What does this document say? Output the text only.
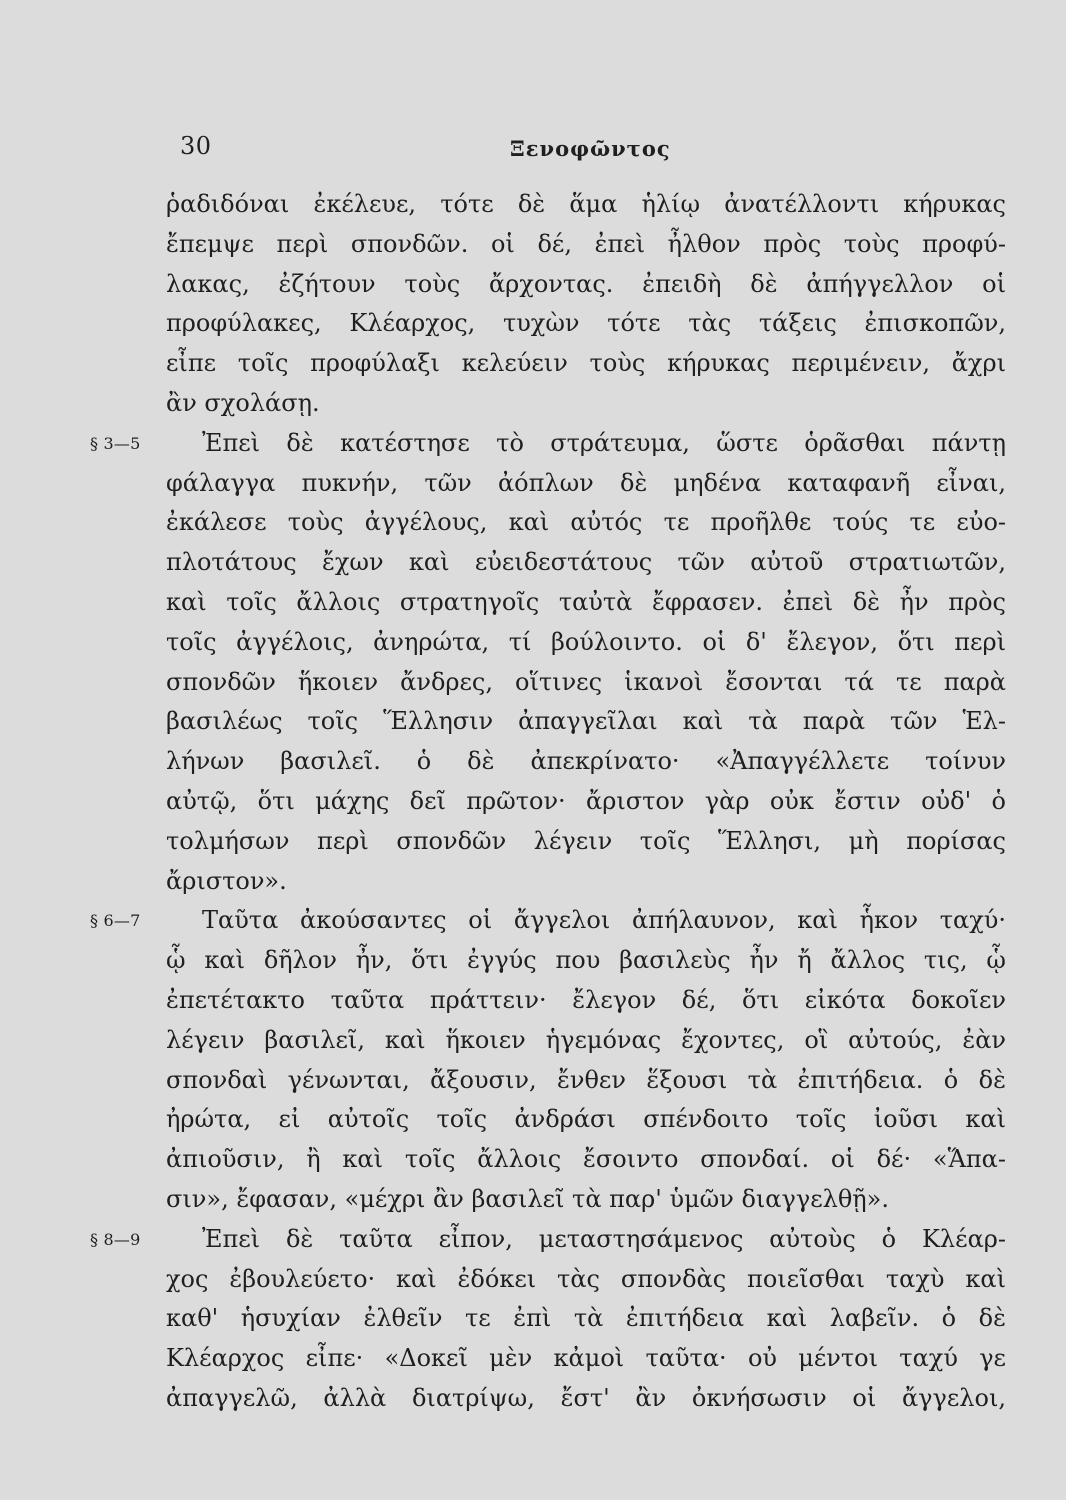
30	Ξενοφῶντος
ῥαδιδόναι ἐκέλευε, τότε δὲ ἅμα ἡλίῳ ἀνατέλλοντι κήρυκας
ἔπεμψε περὶ σπονδῶν. οἱ δέ, ἐπεὶ ἦλθον πρὸς τοὺς προφύ-
λακας, ἐζήτουν τοὺς ἄρχοντας. ἐπειδὴ δὲ ἀπήγγελλον οἱ
προφύλακες, Κλέαρχος, τυχὼν τότε τὰς τάξεις ἐπισκοπῶν,
εἶπε τοῖς προφύλαξι κελεύειν τοὺς κήρυκας περιμένειν, ἄχρι
ἂν σχολάσῃ.
§ 3—5	Ἐπεὶ δὲ κατέστησε τὸ στράτευμα, ὥστε ὁρᾶσθαι πάντῃ
φάλαγγα πυκνήν, τῶν ἀόπλων δὲ μηδένα καταφανῆ εἶναι,
ἐκάλεσε τοὺς ἀγγέλους, καὶ αὐτός τε προῆλθε τούς τε εὐο-
πλοτάτους ἔχων καὶ εὐειδεστάτους τῶν αὐτοῦ στρατιωτῶν,
καὶ τοῖς ἄλλοις στρατηγοῖς ταὐτὰ ἔφρασεν. ἐπεὶ δὲ ἦν πρὸς
τοῖς ἀγγέλοις, ἀνηρώτα, τί βούλοιντο. οἱ δ' ἔλεγον, ὅτι περὶ
σπονδῶν ἥκοιεν ἄνδρες, οἵτινες ἱκανοὶ ἔσονται τά τε παρὰ
βασιλέως τοῖς Ἕλλησιν ἀπαγγεῖλαι καὶ τὰ παρὰ τῶν Ἑλ-
λήνων βασιλεῖ. ὁ δὲ ἀπεκρίνατο· «Ἀπαγγέλλετε τοίνυν
αὐτῷ, ὅτι μάχης δεῖ πρῶτον· ἄριστον γὰρ οὐκ ἔστιν οὐδ' ὁ
τολμήσων περὶ σπονδῶν λέγειν τοῖς Ἕλλησι, μὴ πορίσας
ἄριστον».
§ 6—7	Ταῦτα ἀκούσαντες οἱ ἄγγελοι ἀπήλαυνον, καὶ ἧκον ταχύ·
ᾧ καὶ δῆλον ἦν, ὅτι ἐγγύς που βασιλεὺς ἦν ἤ ἄλλος τις, ᾧ
ἐπετέτακτο ταῦτα πράττειν· ἔλεγον δέ, ὅτι εἰκότα δοκοῖεν
λέγειν βασιλεῖ, καὶ ἥκοιεν ἡγεμόνας ἔχοντες, οἳ αὐτούς, ἐὰν
σπονδαὶ γένωνται, ἄξουσιν, ἔνθεν ἕξουσι τὰ ἐπιτήδεια. ὁ δὲ
ἠρώτα, εἰ αὐτοῖς τοῖς ἀνδράσι σπένδοιτο τοῖς ἰοῦσι καὶ
ἀπιοῦσιν, ἢ καὶ τοῖς ἄλλοις ἔσοιντο σπονδαί. οἱ δέ· «Ἅπα-
σιν», ἔφασαν, «μέχρι ἂν βασιλεῖ τὰ παρ' ὑμῶν διαγγελθῇ».
§ 8—9	Ἐπεὶ δὲ ταῦτα εἶπον, μεταστησάμενος αὐτοὺς ὁ Κλέαρ-
χος ἐβουλεύετο· καὶ ἐδόκει τὰς σπονδὰς ποιεῖσθαι ταχὺ καὶ
καθ' ἡσυχίαν ἐλθεῖν τε ἐπὶ τὰ ἐπιτήδεια καὶ λαβεῖν. ὁ δὲ
Κλέαρχος εἶπε· «Δοκεῖ μὲν κἀμοὶ ταῦτα· οὐ μέντοι ταχύ γε
ἀπαγγελῶ, ἀλλὰ διατρίψω, ἔστ' ἂν ὀκνήσωσιν οἱ ἄγγελοι,
